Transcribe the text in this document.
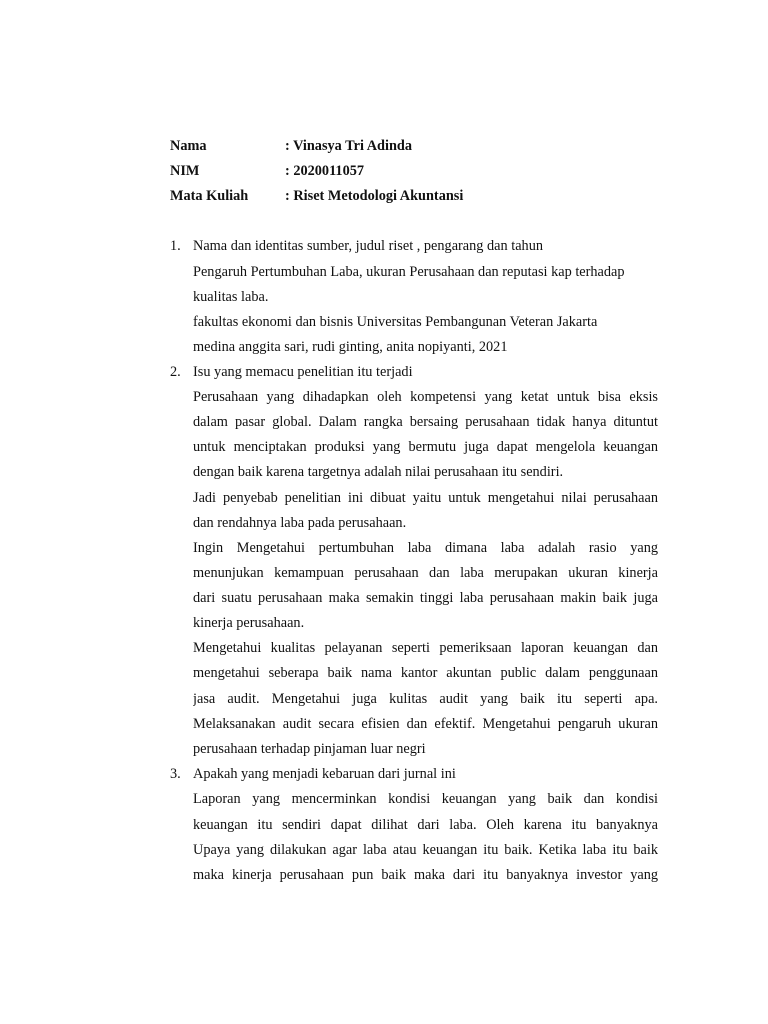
Nama	: Vinasya Tri Adinda
NIM	: 2020011057
Mata Kuliah	: Riset Metodologi Akuntansi
1. Nama dan identitas sumber, judul riset , pengarang dan tahun
Pengaruh Pertumbuhan Laba, ukuran Perusahaan dan reputasi kap terhadap
kualitas laba.
fakultas ekonomi dan bisnis Universitas Pembangunan Veteran Jakarta
medina anggita sari, rudi ginting, anita nopiyanti, 2021
2. Isu yang memacu penelitian itu terjadi
Perusahaan yang dihadapkan oleh kompetensi yang ketat untuk bisa eksis
dalam pasar global. Dalam rangka bersaing perusahaan tidak hanya dituntut
untuk menciptakan produksi yang bermutu juga dapat mengelola keuangan
dengan baik karena targetnya adalah nilai perusahaan itu sendiri.
Jadi penyebab penelitian ini dibuat yaitu untuk mengetahui nilai perusahaan
dan rendahnya laba pada perusahaan.
Ingin Mengetahui pertumbuhan laba dimana laba adalah rasio yang
menunjukan kemampuan perusahaan dan laba merupakan ukuran kinerja
dari suatu perusahaan maka semakin tinggi laba perusahaan makin baik juga
kinerja perusahaan.
Mengetahui kualitas pelayanan seperti pemeriksaan laporan keuangan dan
mengetahui seberapa baik nama kantor akuntan public dalam penggunaan
jasa audit. Mengetahui juga kulitas audit yang baik itu seperti apa.
Melaksanakan audit secara efisien dan efektif. Mengetahui pengaruh ukuran
perusahaan terhadap pinjaman luar negri
3. Apakah yang menjadi kebaruan dari jurnal ini
Laporan yang mencerminkan kondisi keuangan yang baik dan kondisi
keuangan itu sendiri dapat dilihat dari laba. Oleh karena itu banyaknya
Upaya yang dilakukan agar laba atau keuangan itu baik. Ketika laba itu baik
maka kinerja perusahaan pun baik maka dari itu banyaknya investor yang
